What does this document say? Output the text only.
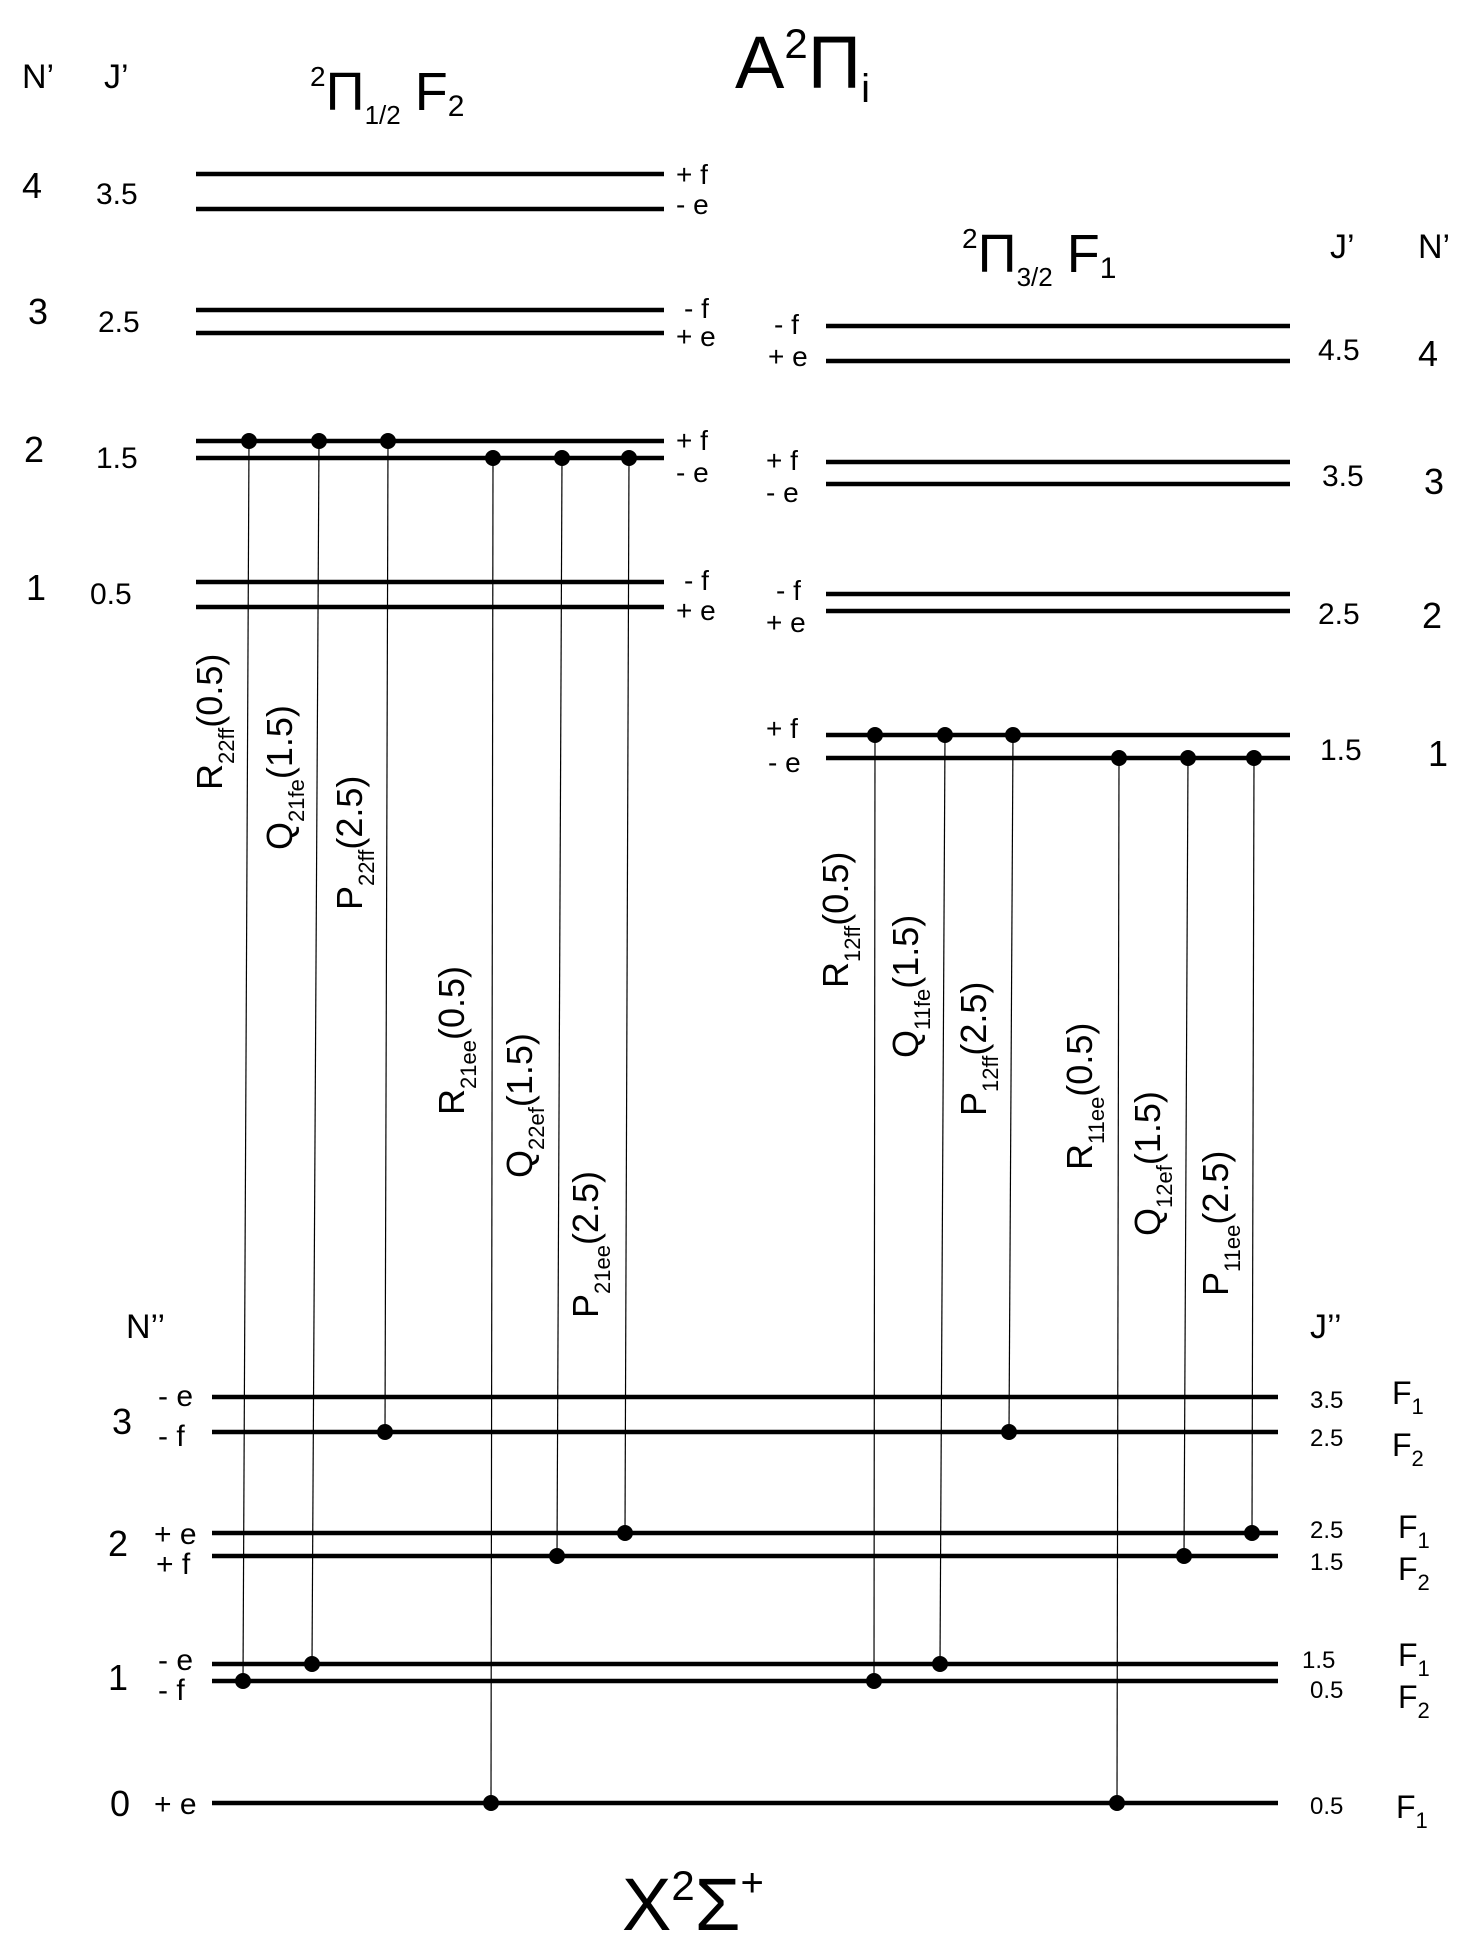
$A^2\Pi i$
N’ J’	$^2\Pi_{1/2}$ F2
$^2\Pi_{3/2}$ F1
J’ N’
4 3.5
+ f
- e
3 2.5	- f
+ e
2 1.5
+ f
- e
1 0.5	- f
+ e
- f
+ e	4.5 4
+ f
- e	3.5 3
- f
+ e	2.5 2
+ f
- e	1.5 1
N’’	J’’
3
- e
- f
3.5
2.5
$F_1$
$F_2$
2 + e
+ f
2.5
1.5
$F_1$
$F_2$
1 - e
- f
1.5
0.5
$F_1$
$F_2$
0 + e	0.5 $F_1$
$X^2\Sigma^+$
$R_{22ff}(0.5)$
$Q_{21fe}(1.5)$
$P_{22ff}(2.5)$
$R_{21ee}(0.5)$
$Q_{22ef}(1.5)$
$P_{21ee}(2.5)$
$R_{12ff}(0.5)$
$Q_{11fe}(1.5)$
$P_{12ff}(2.5)$
$R_{11ee}(0.5)$
$Q_{12ef}(1.5)$
$P_{11ee}(2.5)$
